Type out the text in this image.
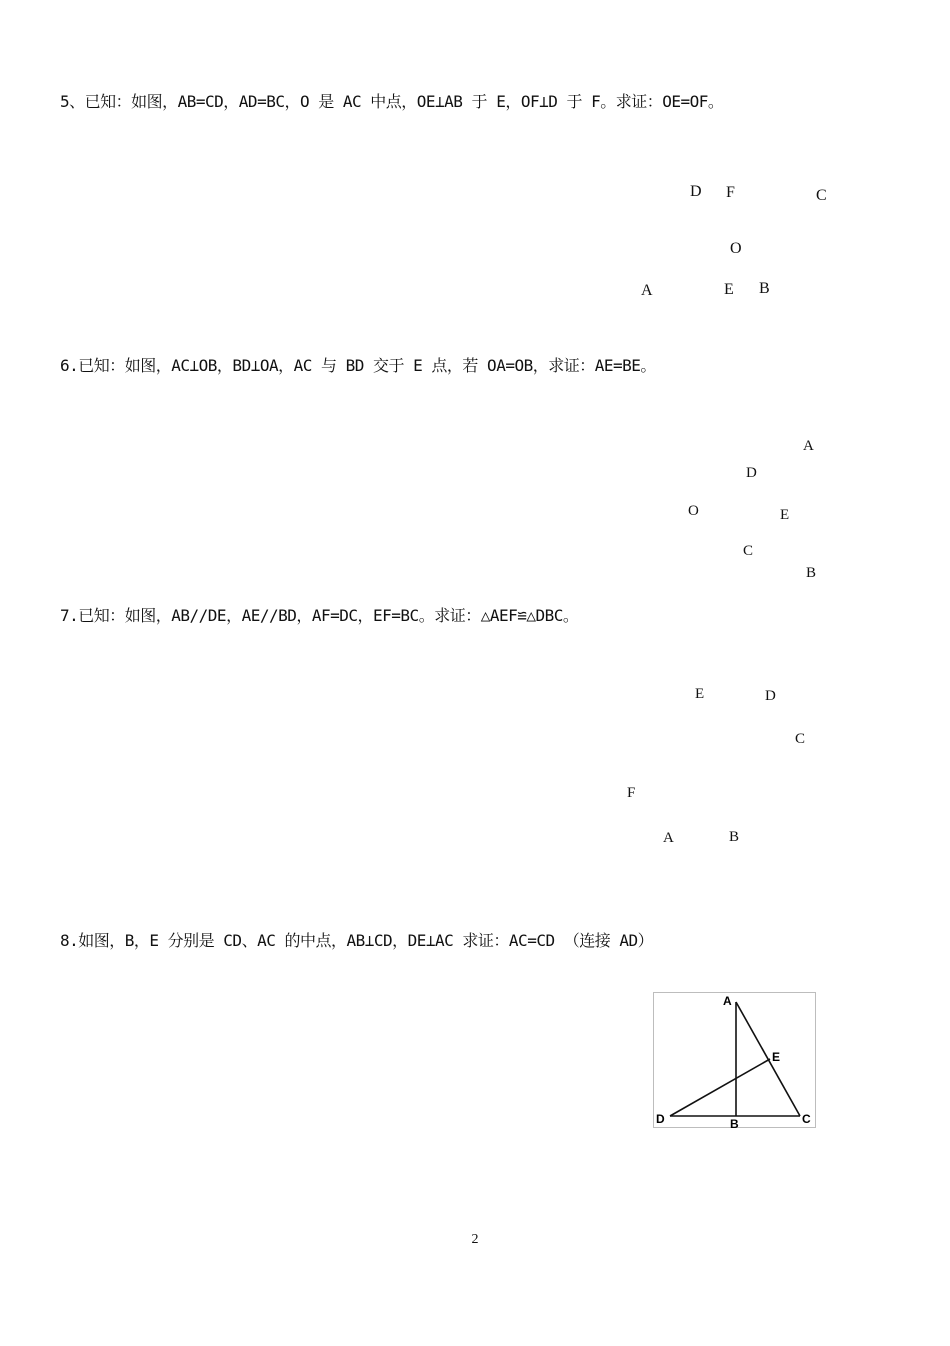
5、已知：如图，AB=CD，AD=BC，O 是 AC 中点，OE⊥AB 于 E，OF⊥D 于 F。求证：OE=OF。
D F	C
O
A	E B
6.已知：如图，AC⊥OB，BD⊥OA，AC 与 BD 交于 E 点，若 OA=OB，求证：AE=BE。
A
D
O	E
C
B
7.已知：如图，AB//DE，AE//BD，AF=DC，EF=BC。求证：△AEF≌△DBC。
E	D
C
F
A	B
8.如图，B，E 分别是 CD、AC 的中点，AB⊥CD，DE⊥AC 求证：AC=CD （连接 AD）
A
E
D	B	C
2
